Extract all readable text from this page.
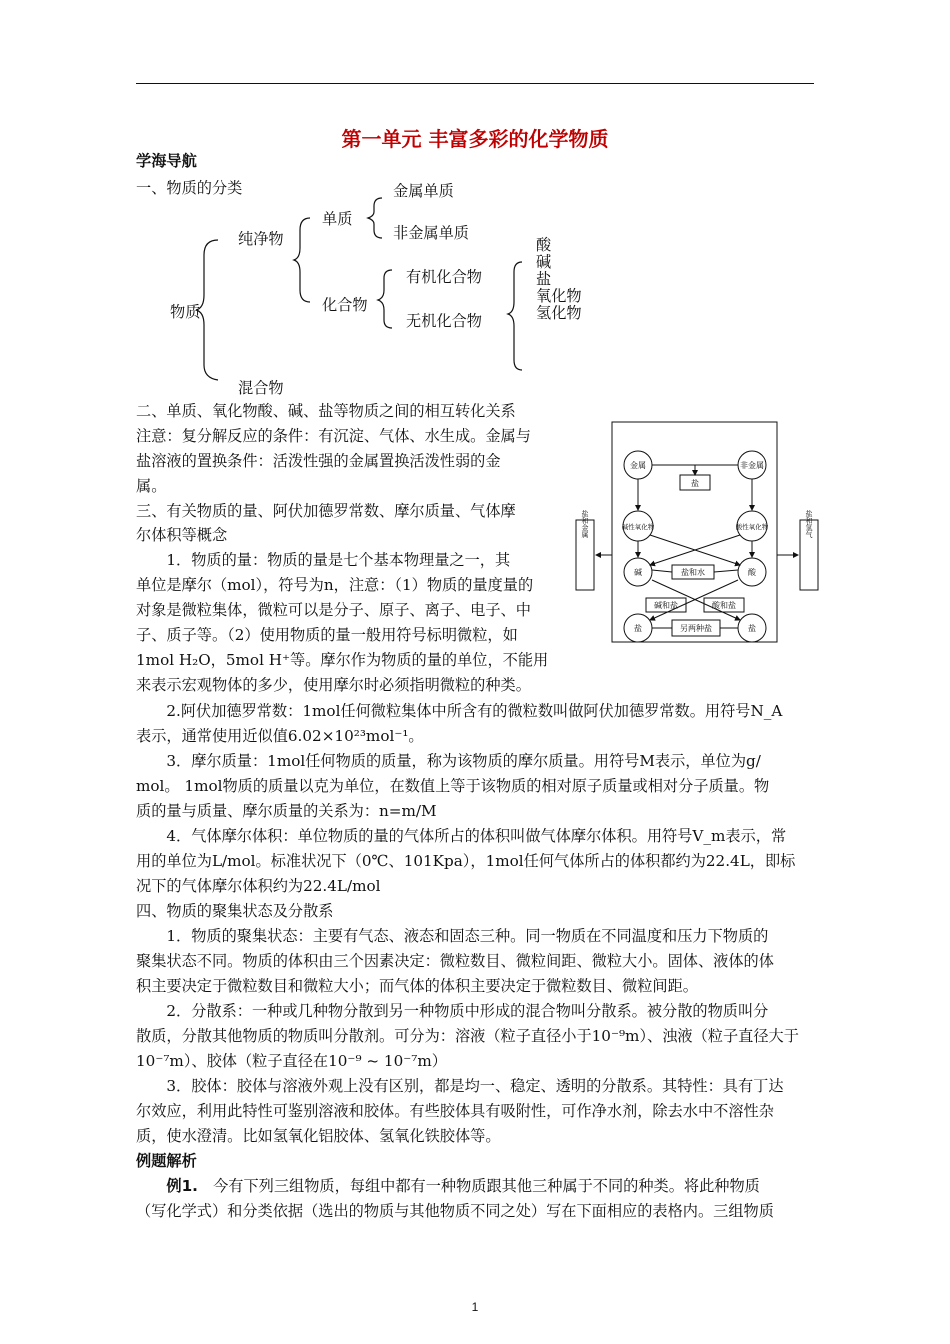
第一单元 丰富多彩的化学物质
学海导航
一、物质的分类
物质
纯净物
混合物
单质
金属单质
非金属单质
化合物
有机化合物
无机化合物
酸
碱
盐
氧化物
氢化物
金属	非金属
盐
碱性氧化物	酸性氧化物
碱	酸
盐和水
碱和盐	酸和盐
盐	盐
另两种盐
盐和金属	盐和氢气
二、单质、氧化物酸、碱、盐等物质之间的相互转化关系
注意：复分解反应的条件：有沉淀、气体、水生成。金属与
盐溶液的置换条件：活泼性强的金属置换活泼性弱的金
属。
三、有关物质的量、阿伏加德罗常数、摩尔质量、气体摩
尔体积等概念
　　1．物质的量：物质的量是七个基本物理量之一，其
单位是摩尔（mol），符号为n，注意：（1）物质的量度量的
对象是微粒集体，微粒可以是分子、原子、离子、电子、中
子、质子等。（2）使用物质的量一般用符号标明微粒，如
1mol H₂O，5mol H⁺等。摩尔作为物质的量的单位，不能用
来表示宏观物体的多少，使用摩尔时必须指明微粒的种类。
　　2.阿伏加德罗常数：1mol任何微粒集体中所含有的微粒数叫做阿伏加德罗常数。用符号N_A
表示，通常使用近似值6.02×10²³mol⁻¹。
　　3．摩尔质量：1mol任何物质的质量，称为该物质的摩尔质量。用符号M表示，单位为g/
mol。 1mol物质的质量以克为单位，在数值上等于该物质的相对原子质量或相对分子质量。物
质的量与质量、摩尔质量的关系为：n=m/M
　　4．气体摩尔体积：单位物质的量的气体所占的体积叫做气体摩尔体积。用符号V_m表示，常
用的单位为L/mol。标准状况下（0℃、101Kpa），1mol任何气体所占的体积都约为22.4L，即标
况下的气体摩尔体积约为22.4L/mol
四、物质的聚集状态及分散系
　　1．物质的聚集状态：主要有气态、液态和固态三种。同一物质在不同温度和压力下物质的
聚集状态不同。物质的体积由三个因素决定：微粒数目、微粒间距、微粒大小。固体、液体的体
积主要决定于微粒数目和微粒大小；而气体的体积主要决定于微粒数目、微粒间距。
　　2．分散系：一种或几种物分散到另一种物质中形成的混合物叫分散系。被分散的物质叫分
散质，分散其他物质的物质叫分散剂。可分为：溶液（粒子直径小于10⁻⁹m）、浊液（粒子直径大于
10⁻⁷m）、胶体（粒子直径在10⁻⁹ ~ 10⁻⁷m）
　　3．胶体：胶体与溶液外观上没有区别，都是均一、稳定、透明的分散系。其特性：具有丁达
尔效应，利用此特性可鉴别溶液和胶体。有些胶体具有吸附性，可作净水剂，除去水中不溶性杂
质，使水澄清。比如氢氧化铝胶体、氢氧化铁胶体等。
例题解析
　　例1.　 今有下列三组物质，每组中都有一种物质跟其他三种属于不同的种类。将此种物质
（写化学式）和分类依据（选出的物质与其他物质不同之处）写在下面相应的表格内。三组物质
1
